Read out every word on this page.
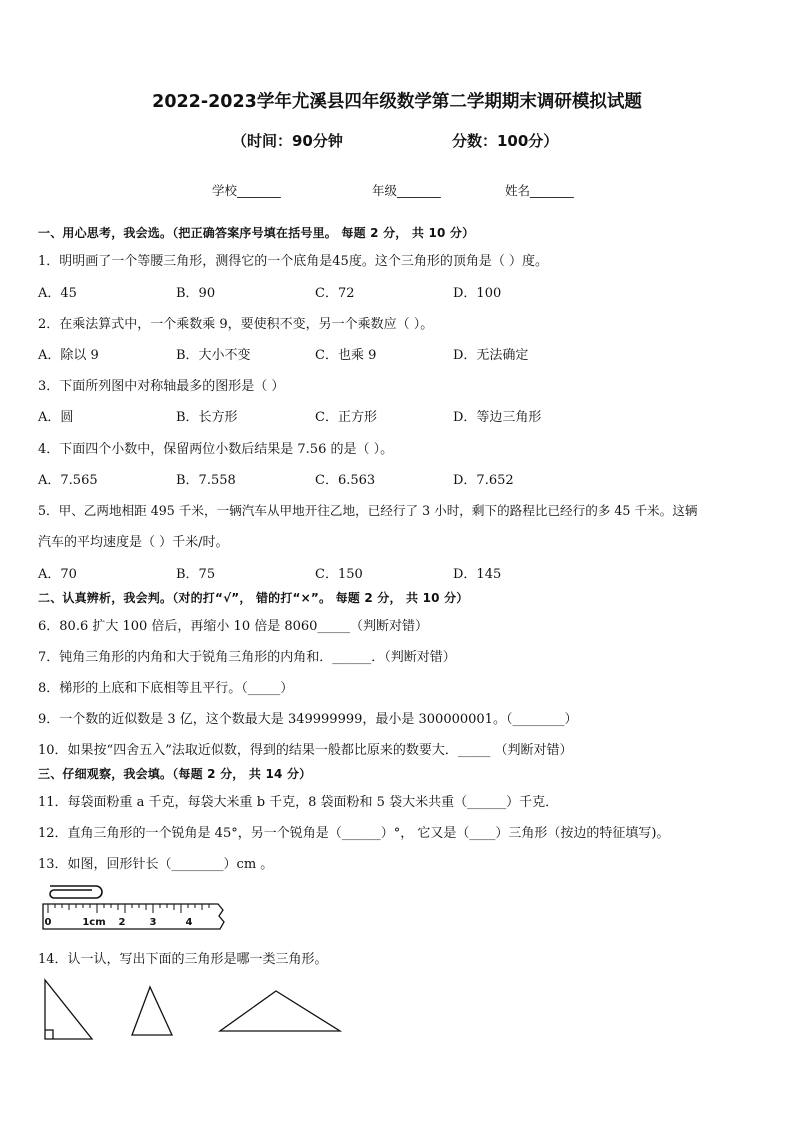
2022-2023学年尤溪县四年级数学第二学期期末调研模拟试题
（时间：90分钟	分数：100分）
学校_______	年级_______	姓名_______
一、用心思考，我会选。（把正确答案序号填在括号里。 每题 2 分， 共 10 分）
1．明明画了一个等腰三角形，测得它的一个底角是45度。这个三角形的顶角是（ ）度。
A．45	B．90	C．72	D．100
2．在乘法算式中，一个乘数乘 9，要使积不变，另一个乘数应（ ）。
A．除以 9	B．大小不变	C．也乘 9	D．无法确定
3．下面所列图中对称轴最多的图形是（ ）
A．圆	B．长方形	C．正方形	D．等边三角形
4．下面四个小数中，保留两位小数后结果是 7.56 的是（ ）。
A．7.565	B．7.558	C．6.563	D．7.652
5．甲、乙两地相距 495 千米，一辆汽车从甲地开往乙地，已经行了 3 小时，剩下的路程比已经行的多 45 千米。这辆
汽车的平均速度是（ ）千米/时。
A．70	B．75	C．150	D．145
二、认真辨析，我会判。（对的打“√”， 错的打“×”。 每题 2 分， 共 10 分）
6．80.6 扩大 100 倍后，再缩小 10 倍是 8060_____（判断对错）
7．钝角三角形的内角和大于锐角三角形的内角和．______．（判断对错）
8．梯形的上底和下底相等且平行。（_____）
9．一个数的近似数是 3 亿，这个数最大是 349999999，最小是 300000001。（________）
10．如果按“四舍五入”法取近似数，得到的结果一般都比原来的数要大．_____ （判断对错）
三、仔细观察，我会填。（每题 2 分， 共 14 分）
11．每袋面粉重 a 千克，每袋大米重 b 千克，8 袋面粉和 5 袋大米共重（______）千克．
12．直角三角形的一个锐角是 45°，另一个锐角是（______）°， 它又是（____）三角形（按边的特征填写)。
13．如图，回形针长（________）cm 。
0	1cm 2 3	4
14．认一认，写出下面的三角形是哪一类三角形。
